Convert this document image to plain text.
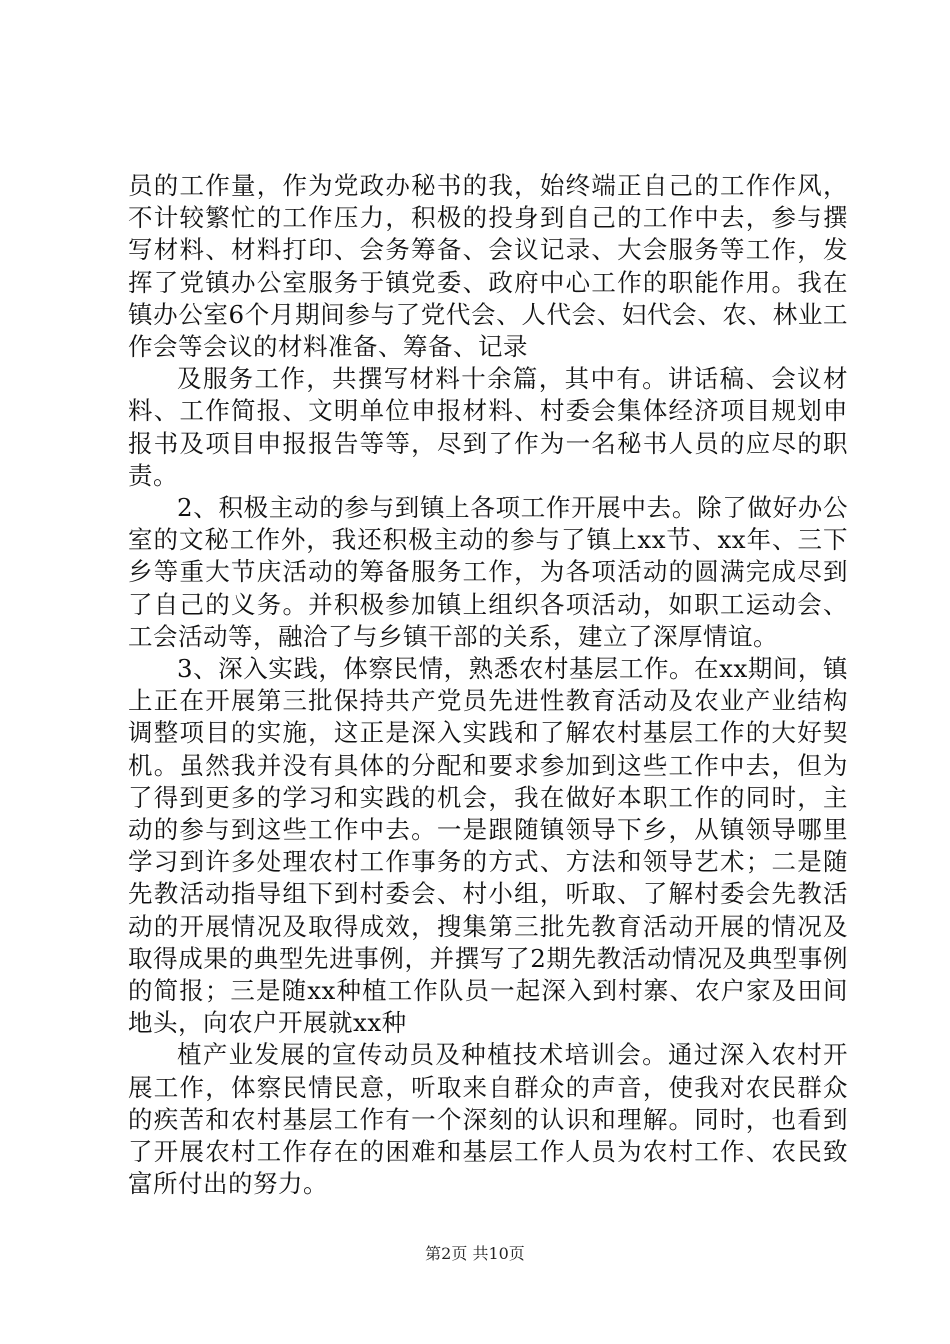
员的工作量，作为党政办秘书的我，始终端正自己的工作作风，不计较繁忙的工作压力，积极的投身到自己的工作中去，参与撰写材料、材料打印、会务筹备、会议记录、大会服务等工作，发挥了党镇办公室服务于镇党委、政府中心工作的职能作用。我在镇办公室6个月期间参与了党代会、人代会、妇代会、农、林业工作会等会议的材料准备、筹备、记录

及服务工作，共撰写材料十余篇，其中有。讲话稿、会议材料、工作简报、文明单位申报材料、村委会集体经济项目规划申报书及项目申报报告等等，尽到了作为一名秘书人员的应尽的职责。

2、积极主动的参与到镇上各项工作开展中去。除了做好办公室的文秘工作外，我还积极主动的参与了镇上xx节、xx年、三下乡等重大节庆活动的筹备服务工作，为各项活动的圆满完成尽到了自己的义务。并积极参加镇上组织各项活动，如职工运动会、工会活动等，融洽了与乡镇干部的关系，建立了深厚情谊。

3、深入实践，体察民情，熟悉农村基层工作。在xx期间，镇上正在开展第三批保持共产党员先进性教育活动及农业产业结构调整项目的实施，这正是深入实践和了解农村基层工作的大好契机。虽然我并没有具体的分配和要求参加到这些工作中去，但为了得到更多的学习和实践的机会，我在做好本职工作的同时，主动的参与到这些工作中去。一是跟随镇领导下乡，从镇领导哪里学习到许多处理农村工作事务的方式、方法和领导艺术；二是随先教活动指导组下到村委会、村小组，听取、了解村委会先教活动的开展情况及取得成效，搜集第三批先教育活动开展的情况及取得成果的典型先进事例，并撰写了2期先教活动情况及典型事例的简报；三是随xx种植工作队员一起深入到村寨、农户家及田间地头，向农户开展就xx种

植产业发展的宣传动员及种植技术培训会。通过深入农村开展工作，体察民情民意，听取来自群众的声音，使我对农民群众的疾苦和农村基层工作有一个深刻的认识和理解。同时，也看到了开展农村工作存在的困难和基层工作人员为农村工作、农民致富所付出的努力。

第2页 共10页
